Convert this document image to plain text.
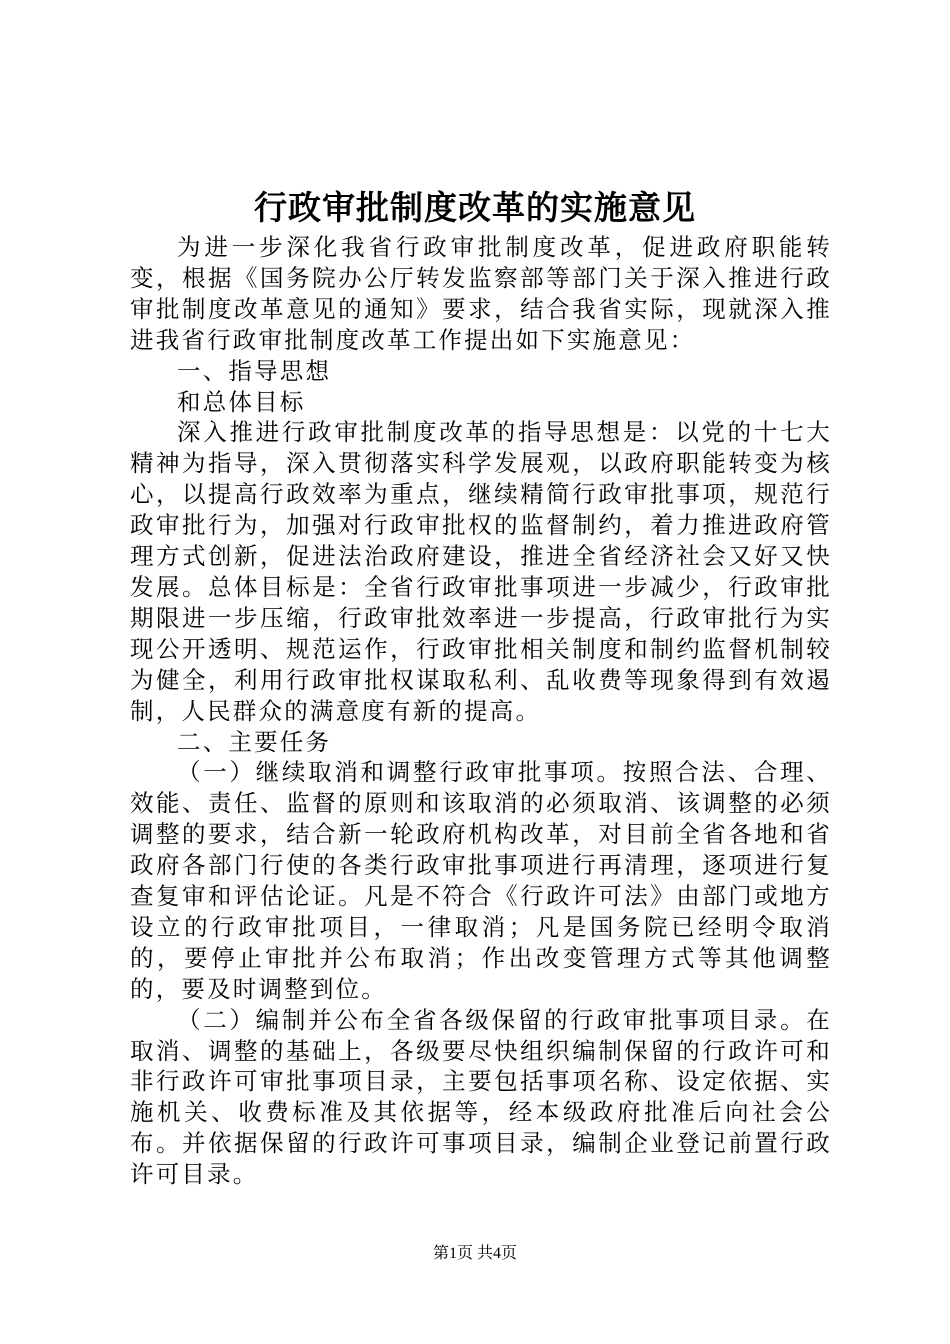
行政审批制度改革的实施意见

为进一步深化我省行政审批制度改革，促进政府职能转变，根据《国务院办公厅转发监察部等部门关于深入推进行政审批制度改革意见的通知》要求，结合我省实际，现就深入推进我省行政审批制度改革工作提出如下实施意见：

一、指导思想

和总体目标

深入推进行政审批制度改革的指导思想是：以党的十七大精神为指导，深入贯彻落实科学发展观，以政府职能转变为核心，以提高行政效率为重点，继续精简行政审批事项，规范行政审批行为，加强对行政审批权的监督制约，着力推进政府管理方式创新，促进法治政府建设，推进全省经济社会又好又快发展。总体目标是：全省行政审批事项进一步减少，行政审批期限进一步压缩，行政审批效率进一步提高，行政审批行为实现公开透明、规范运作，行政审批相关制度和制约监督机制较为健全，利用行政审批权谋取私利、乱收费等现象得到有效遏制，人民群众的满意度有新的提高。

二、主要任务

（一）继续取消和调整行政审批事项。按照合法、合理、效能、责任、监督的原则和该取消的必须取消、该调整的必须调整的要求，结合新一轮政府机构改革，对目前全省各地和省政府各部门行使的各类行政审批事项进行再清理，逐项进行复查复审和评估论证。凡是不符合《行政许可法》由部门或地方设立的行政审批项目，一律取消；凡是国务院已经明令取消的，要停止审批并公布取消；作出改变管理方式等其他调整的，要及时调整到位。

（二）编制并公布全省各级保留的行政审批事项目录。在取消、调整的基础上，各级要尽快组织编制保留的行政许可和非行政许可审批事项目录，主要包括事项名称、设定依据、实施机关、收费标准及其依据等，经本级政府批准后向社会公布。并依据保留的行政许可事项目录，编制企业登记前置行政许可目录。

第1页 共4页
